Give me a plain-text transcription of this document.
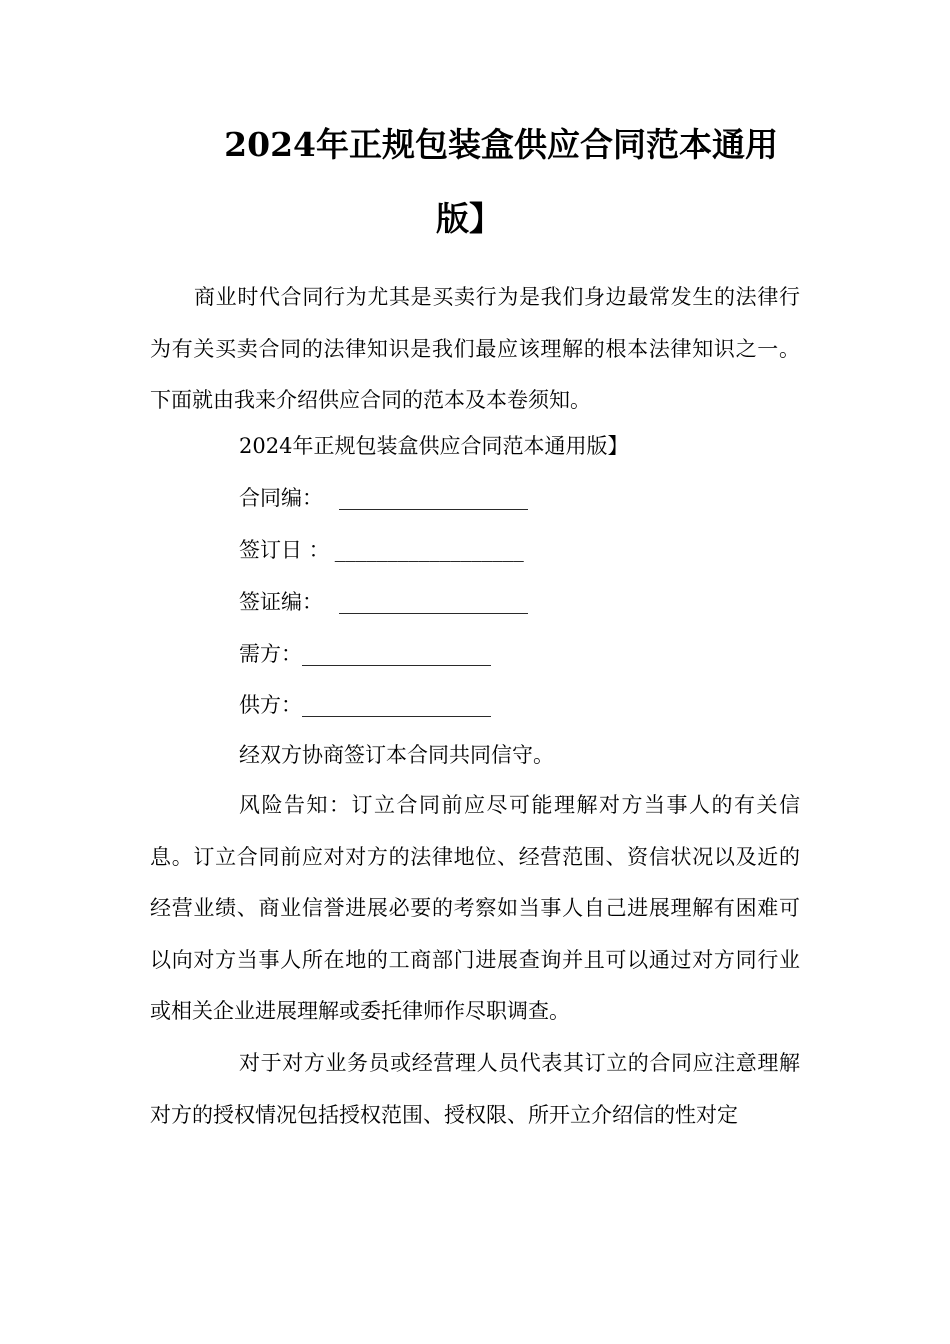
2024年正规包装盒供应合同范本通用
版】

商业时代合同行为尤其是买卖行为是我们身边最常发生的法律行为有关买卖合同的法律知识是我们最应该理解的根本法律知识之一。下面就由我来介绍供应合同的范本及本卷须知。

2024年正规包装盒供应合同范本通用版】
合同编： __________________
签订日 ： __________________
签证编： __________________
需方：__________________
供方：__________________
经双方协商签订本合同共同信守。

风险告知：订立合同前应尽可能理解对方当事人的有关信息。订立合同前应对对方的法律地位、经营范围、资信状况以及近的经营业绩、商业信誉进展必要的考察如当事人自己进展理解有困难可以向对方当事人所在地的工商部门进展查询并且可以通过对方同行业或相关企业进展理解或委托律师作尽职调查。

对于对方业务员或经营理人员代表其订立的合同应注意理解对方的授权情况包括授权范围、授权限、所开立介绍信的性对定
